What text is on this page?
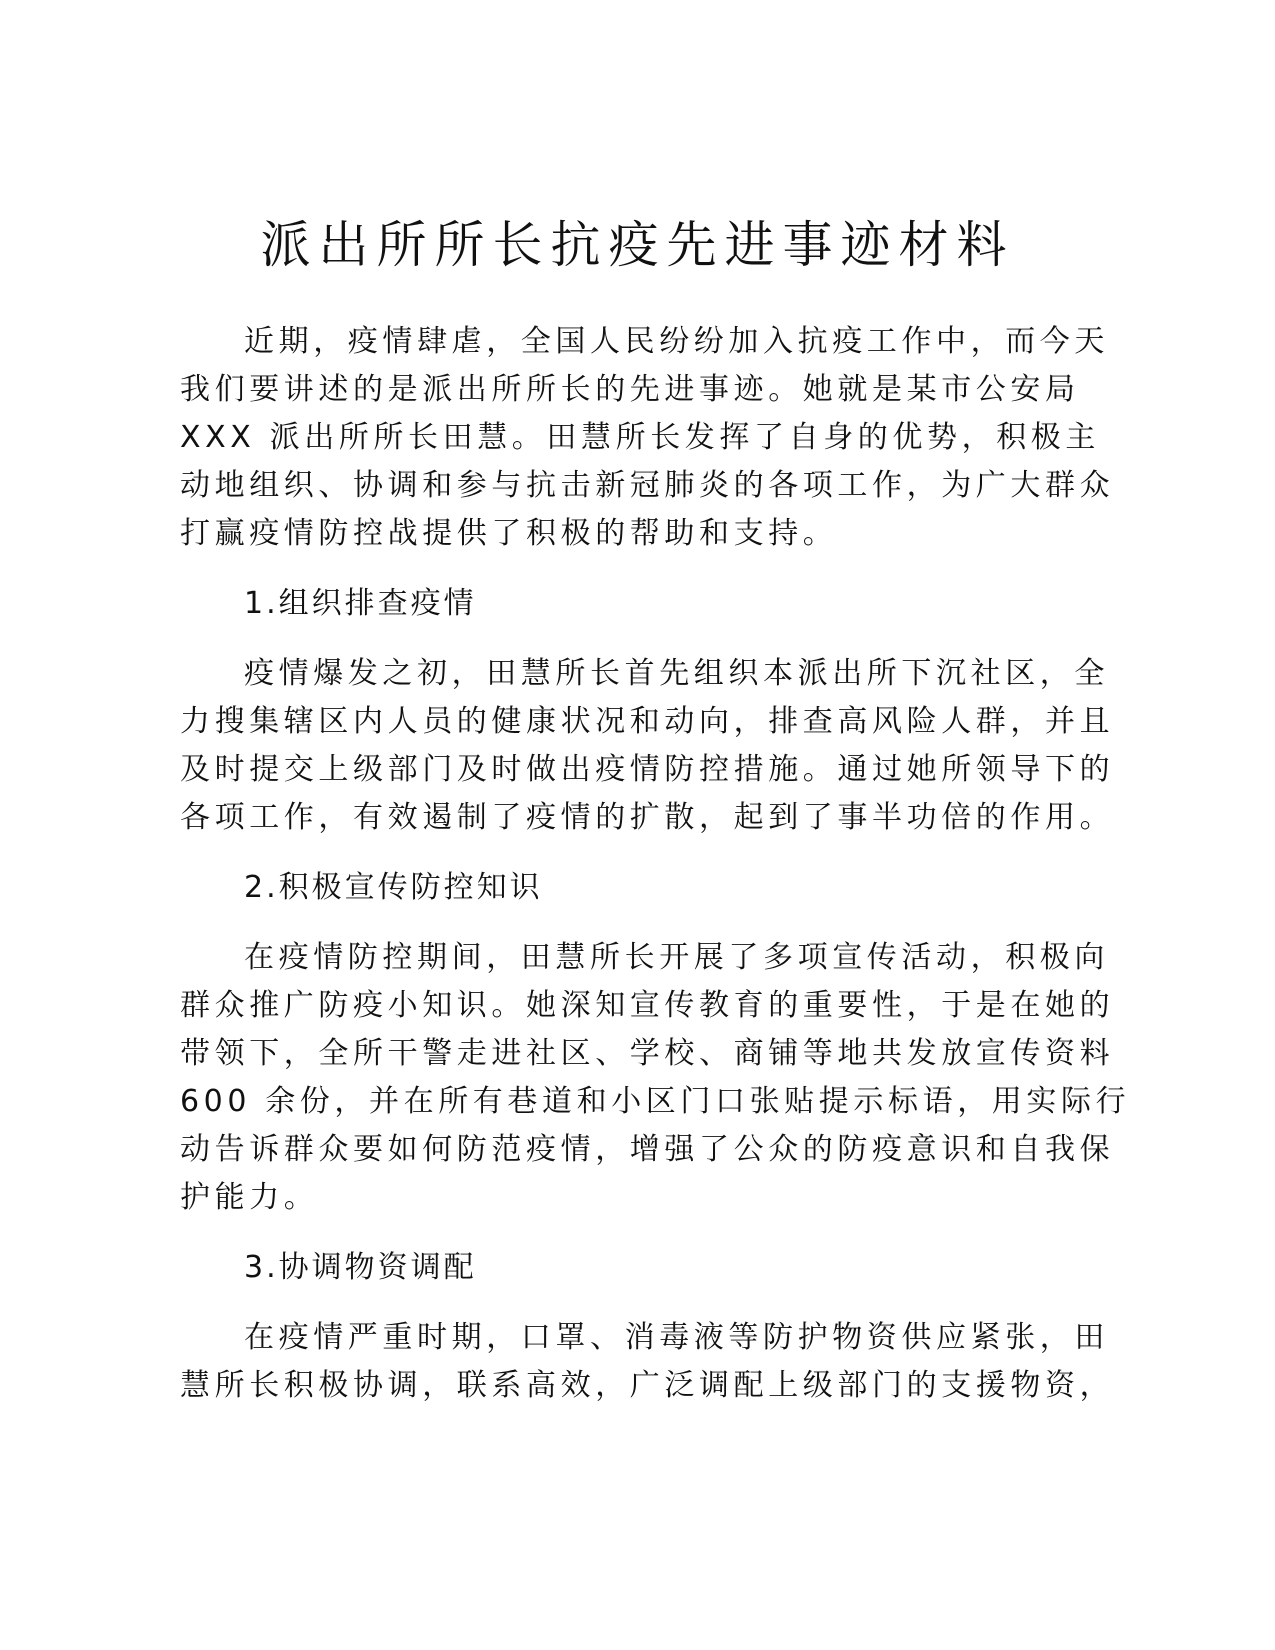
派出所所长抗疫先进事迹材料
近期，疫情肆虐，全国人民纷纷加入抗疫工作中，而今天
我们要讲述的是派出所所长的先进事迹。她就是某市公安局
XXX 派出所所长田慧。田慧所长发挥了自身的优势，积极主
动地组织、协调和参与抗击新冠肺炎的各项工作，为广大群众
打赢疫情防控战提供了积极的帮助和支持。
1.组织排查疫情
疫情爆发之初，田慧所长首先组织本派出所下沉社区，全
力搜集辖区内人员的健康状况和动向，排查高风险人群，并且
及时提交上级部门及时做出疫情防控措施。通过她所领导下的
各项工作，有效遏制了疫情的扩散，起到了事半功倍的作用。
2.积极宣传防控知识
在疫情防控期间，田慧所长开展了多项宣传活动，积极向
群众推广防疫小知识。她深知宣传教育的重要性，于是在她的
带领下，全所干警走进社区、学校、商铺等地共发放宣传资料
600 余份，并在所有巷道和小区门口张贴提示标语，用实际行
动告诉群众要如何防范疫情，增强了公众的防疫意识和自我保
护能力。
3.协调物资调配
在疫情严重时期，口罩、消毒液等防护物资供应紧张，田
慧所长积极协调，联系高效，广泛调配上级部门的支援物资，
